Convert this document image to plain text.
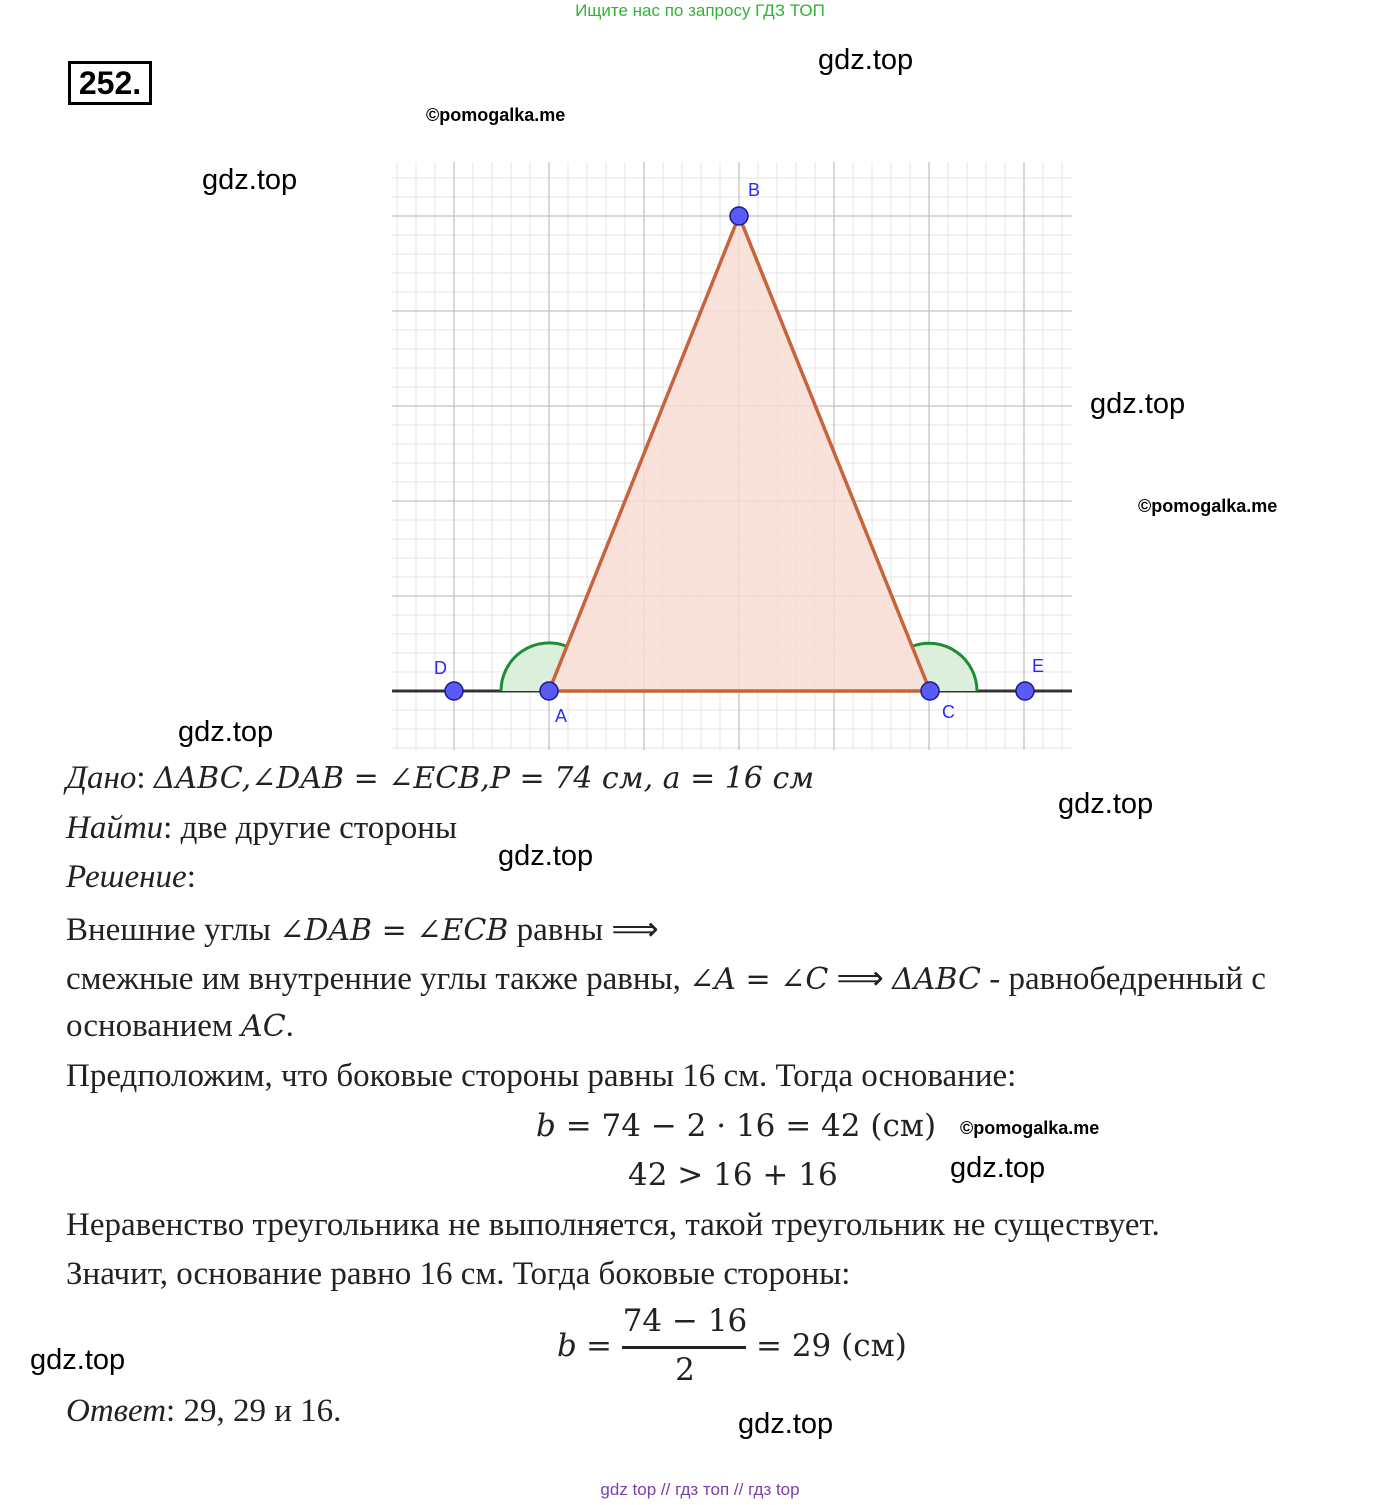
Ищите нас по запросу ГДЗ ТОП
252.
gdz.top
©pomogalka.me
gdz.top
gdz.top
©pomogalka.me
gdz.top
gdz.top
gdz.top
©pomogalka.me
gdz.top
gdz.top
gdz.top
D
A
B
C
E
Дано: ΔABC,∠DAB = ∠ECB,P = 74 см, a = 16 см
Найти: две другие стороны
Решение:
Внешние углы ∠DAB = ∠ECB равны ⟹
смежные им внутренние углы также равны, ∠A = ∠C ⟹ ΔABC - равнобедренный с
основанием AC.
Предположим, что боковые стороны равны 16 см. Тогда основание:
b = 74 − 2 · 16 = 42 (см)
42 > 16 + 16
Неравенство треугольника не выполняется, такой треугольник не существует.
Значит, основание равно 16 см. Тогда боковые стороны:
b =
74 − 16
2
= 29 (см)
Ответ: 29, 29 и 16.
gdz top // гдз топ // гдз top
